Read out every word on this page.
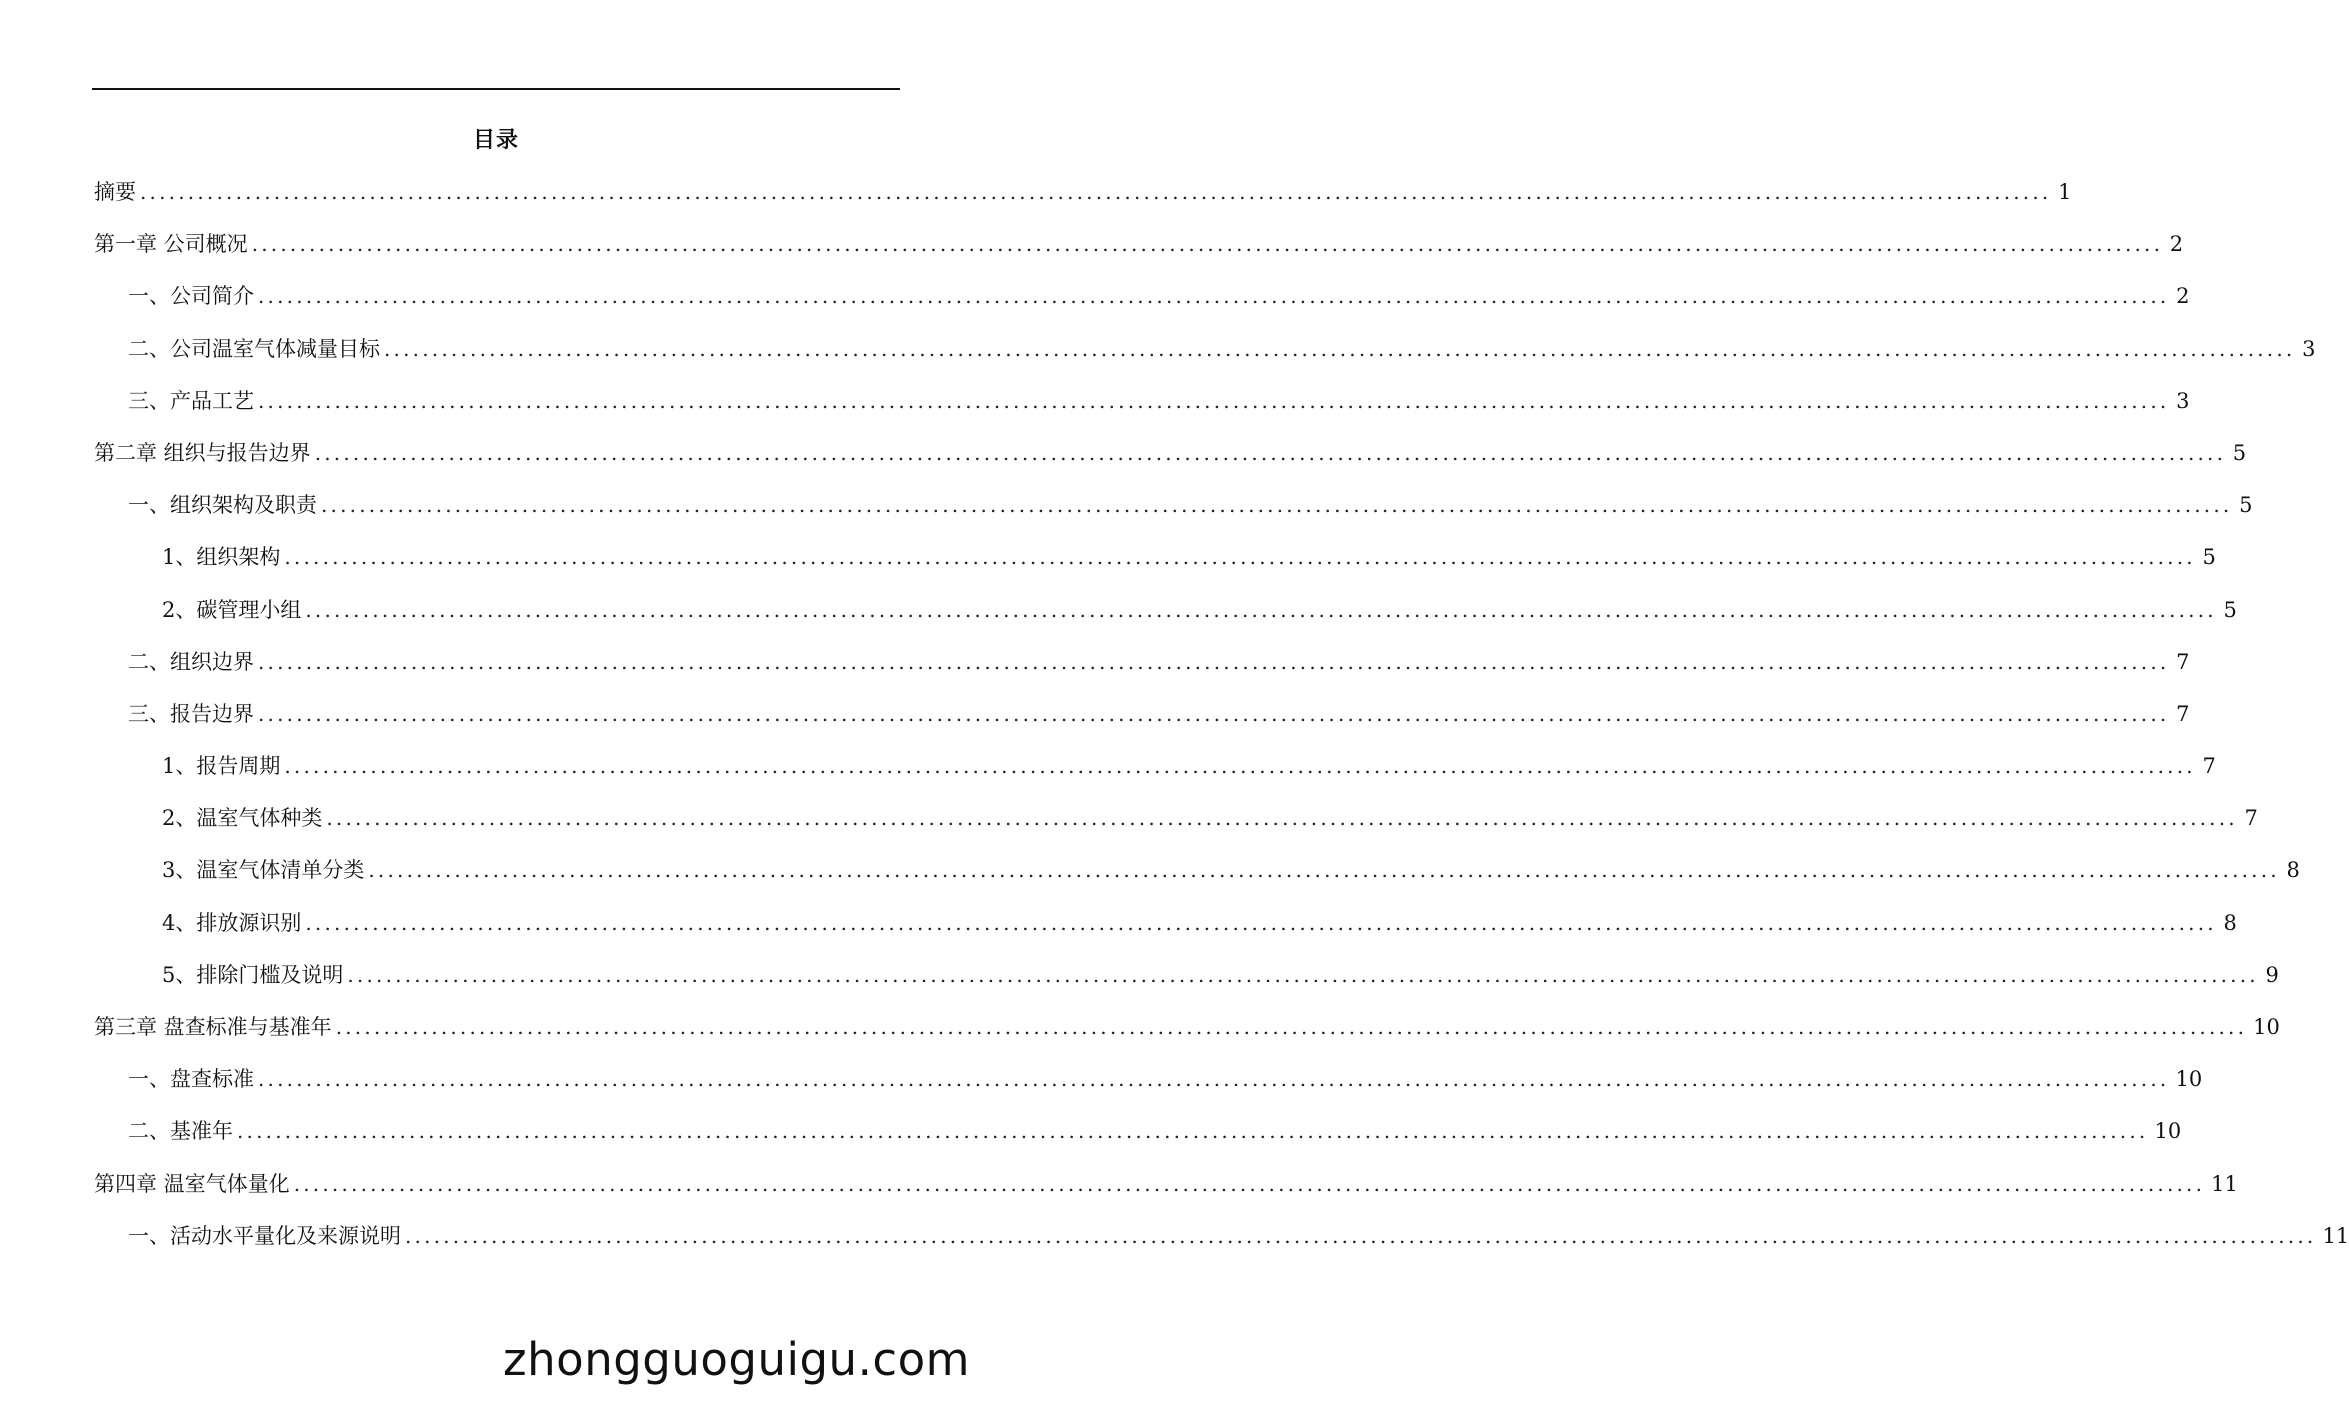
目录
摘要 ........................................................................................................................................................................................................ 1
第一章 公司概况 ........................................................................................................................................................................................................ 2
一、公司简介 ........................................................................................................................................................................................................ 2
二、公司温室气体减量目标 ........................................................................................................................................................................................................ 3
三、产品工艺 ........................................................................................................................................................................................................ 3
第二章 组织与报告边界 ........................................................................................................................................................................................................ 5
一、组织架构及职责 ........................................................................................................................................................................................................ 5
1、组织架构 ........................................................................................................................................................................................................ 5
2、碳管理小组 ........................................................................................................................................................................................................ 5
二、组织边界 ........................................................................................................................................................................................................ 7
三、报告边界 ........................................................................................................................................................................................................ 7
1、报告周期 ........................................................................................................................................................................................................ 7
2、温室气体种类 ........................................................................................................................................................................................................ 7
3、温室气体清单分类 ........................................................................................................................................................................................................ 8
4、排放源识别 ........................................................................................................................................................................................................ 8
5、排除门槛及说明 ........................................................................................................................................................................................................ 9
第三章 盘查标准与基准年 ........................................................................................................................................................................................................ 10
一、盘查标准 ........................................................................................................................................................................................................ 10
二、基准年 ........................................................................................................................................................................................................ 10
第四章 温室气体量化 ........................................................................................................................................................................................................ 11
一、活动水平量化及来源说明 ........................................................................................................................................................................................................ 11
zhongguoguigu.com
